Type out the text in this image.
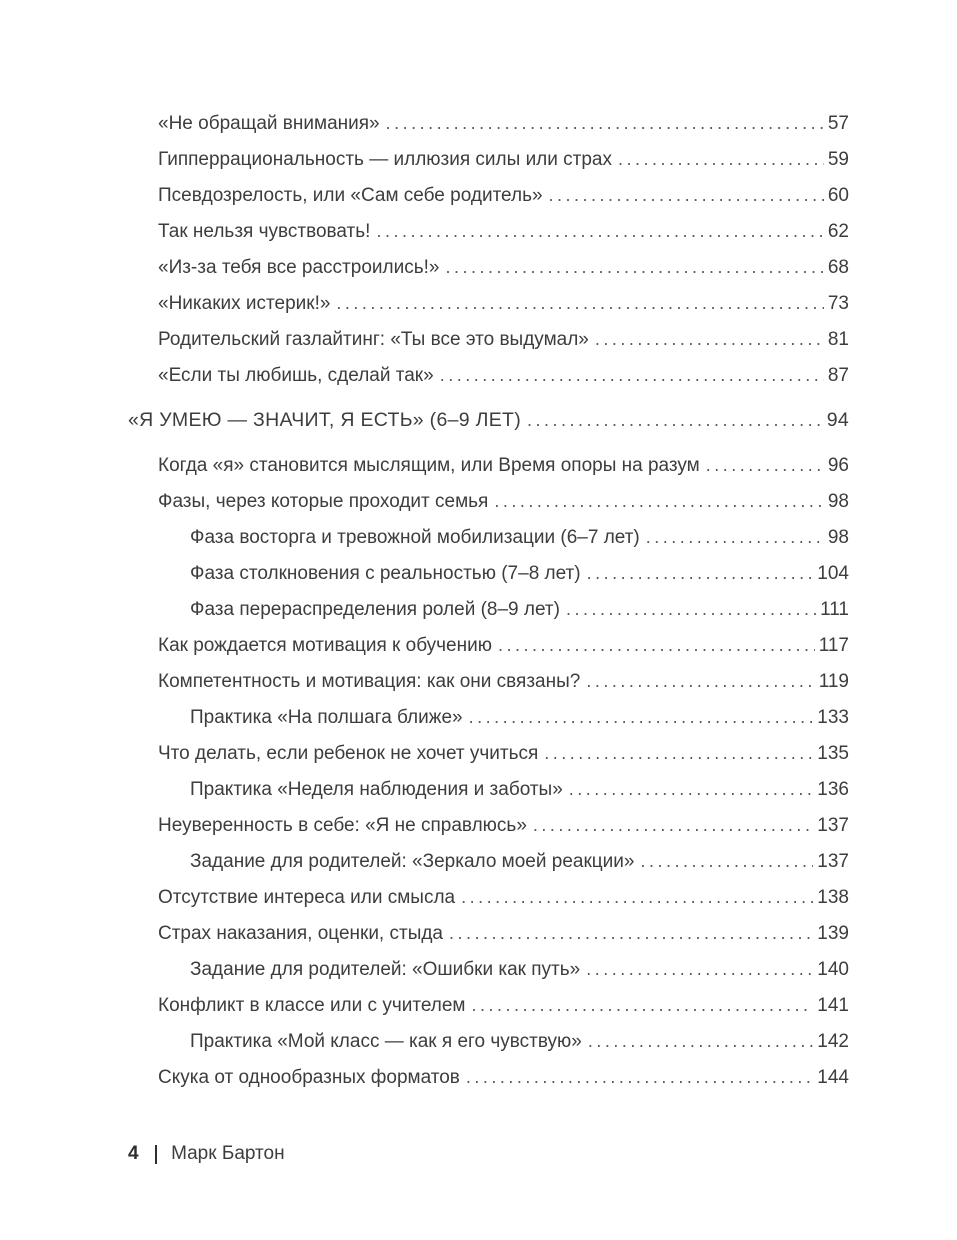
«Не обращай внимания» .....	57
Гипперрациональность — иллюзия силы или страх .....	59
Псевдозрелость, или «Сам себе родитель» .....	60
Так нельзя чувствовать! .....	62
«Из-за тебя все расстроились!» .....	68
«Никаких истерик!» .....	73
Родительский газлайтинг: «Ты все это выдумал» .....	81
«Если ты любишь, сделай так» .....	87
«Я УМЕЮ — ЗНАЧИТ, Я ЕСТЬ» (6–9 ЛЕТ) .....	94
Когда «я» становится мыслящим, или Время опоры на разум .....	96
Фазы, через которые проходит семья .....	98
Фаза восторга и тревожной мобилизации (6–7 лет) .....	98
Фаза столкновения с реальностью (7–8 лет) .....	104
Фаза перераспределения ролей (8–9 лет) .....	111
Как рождается мотивация к обучению .....	117
Компетентность и мотивация: как они связаны? .....	119
Практика «На полшага ближе» .....	133
Что делать, если ребенок не хочет учиться .....	135
Практика «Неделя наблюдения и заботы» .....	136
Неуверенность в себе: «Я не справлюсь» .....	137
Задание для родителей: «Зеркало моей реакции» .....	137
Отсутствие интереса или смысла .....	138
Страх наказания, оценки, стыда .....	139
Задание для родителей: «Ошибки как путь» .....	140
Конфликт в классе или с учителем .....	141
Практика «Мой класс — как я его чувствую» .....	142
Скука от однообразных форматов .....	144
4 Марк Бартон
